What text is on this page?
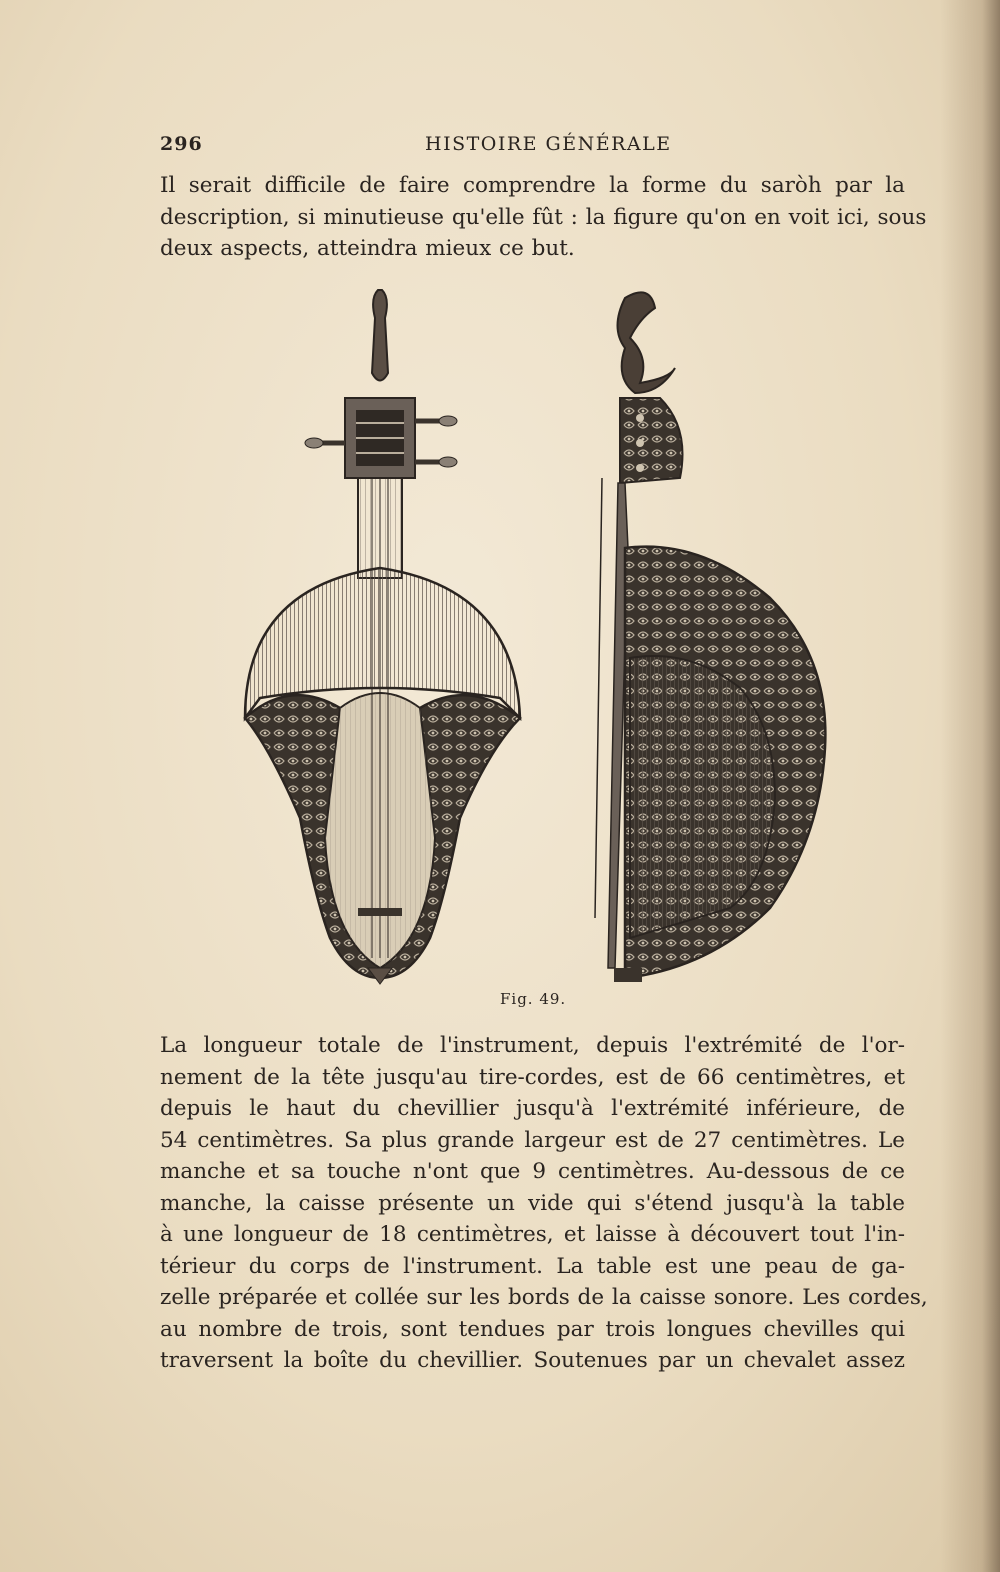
296	HISTOIRE GÉNÉRALE
Il serait difficile de faire comprendre la forme du saròh par la
description, si minutieuse qu'elle fût : la figure qu'on en voit ici, sous
deux aspects, atteindra mieux ce but.
Fig. 49.
La longueur totale de l'instrument, depuis l'extrémité de l'or-
nement de la tête jusqu'au tire-cordes, est de 66 centimètres, et
depuis le haut du chevillier jusqu'à l'extrémité inférieure, de
54 centimètres. Sa plus grande largeur est de 27 centimètres. Le
manche et sa touche n'ont que 9 centimètres. Au-dessous de ce
manche, la caisse présente un vide qui s'étend jusqu'à la table
à une longueur de 18 centimètres, et laisse à découvert tout l'in-
térieur du corps de l'instrument. La table est une peau de ga-
zelle préparée et collée sur les bords de la caisse sonore. Les cordes,
au nombre de trois, sont tendues par trois longues chevilles qui
traversent la boîte du chevillier. Soutenues par un chevalet assez
